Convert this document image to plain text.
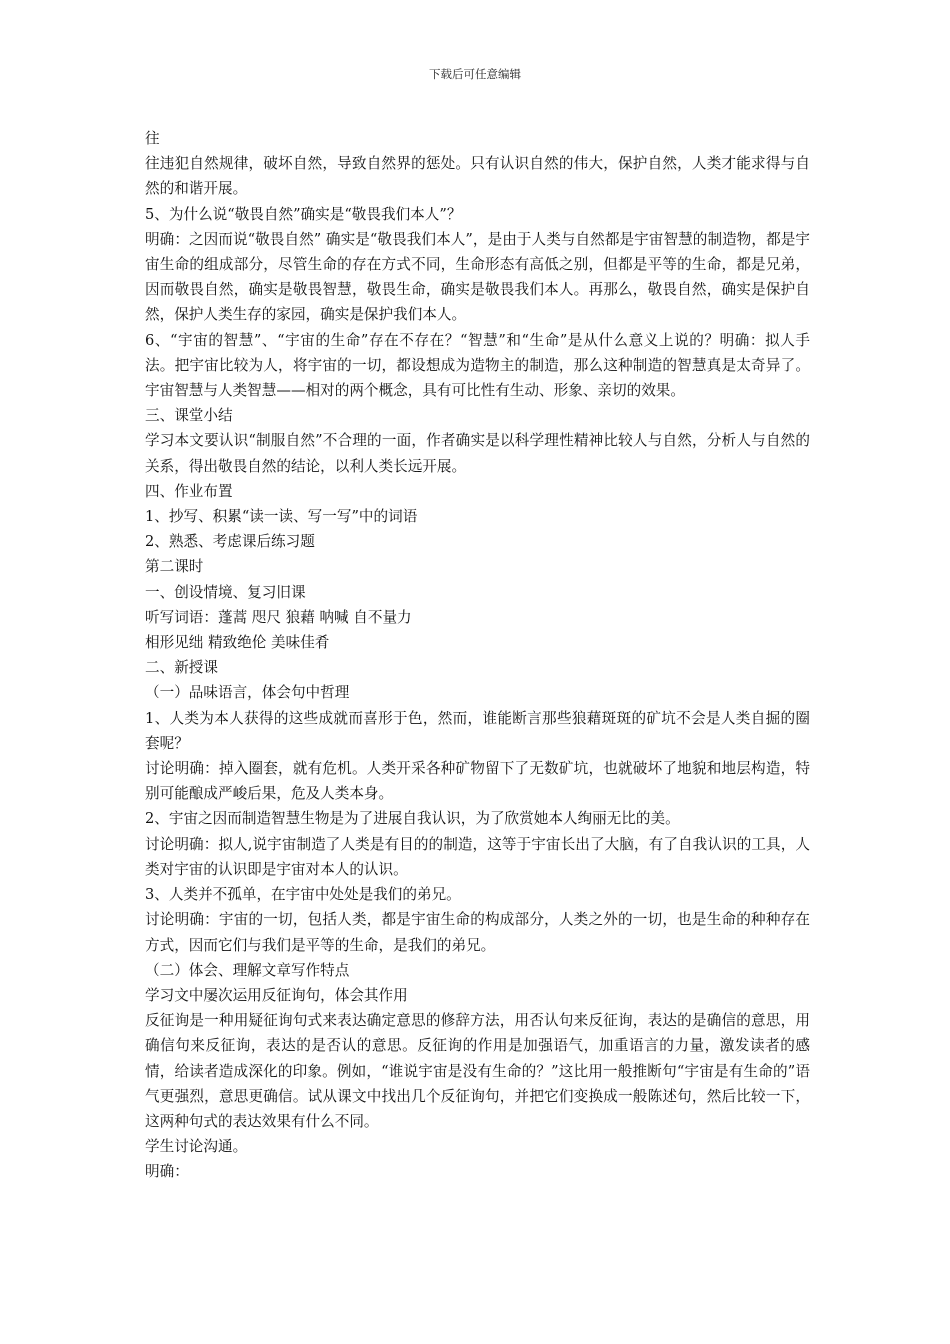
下载后可任意编辑

往

往违犯自然规律，破坏自然，导致自然界的惩处。只有认识自然的伟大，保护自然，人类才能求得与自然的和谐开展。

5、为什么说“敬畏自然”确实是“敬畏我们本人”？

明确：之因而说“敬畏自然” 确实是“敬畏我们本人”，是由于人类与自然都是宇宙智慧的制造物，都是宇宙生命的组成部分，尽管生命的存在方式不同，生命形态有高低之别，但都是平等的生命，都是兄弟，因而敬畏自然，确实是敬畏智慧，敬畏生命，确实是敬畏我们本人。再那么，敬畏自然，确实是保护自然，保护人类生存的家园，确实是保护我们本人。

6、“宇宙的智慧”、“宇宙的生命”存在不存在？“智慧”和“生命”是从什么意义上说的？明确：拟人手法。把宇宙比较为人，将宇宙的一切，都设想成为造物主的制造，那么这种制造的智慧真是太奇异了。宇宙智慧与人类智慧——相对的两个概念，具有可比性有生动、形象、亲切的效果。

三、课堂小结

学习本文要认识“制服自然”不合理的一面，作者确实是以科学理性精神比较人与自然，分析人与自然的关系，得出敬畏自然的结论，以利人类长远开展。

四、作业布置

1、抄写、积累“读一读、写一写”中的词语

2、熟悉、考虑课后练习题

第二课时

一、创设情境、复习旧课

听写词语：蓬蒿 咫尺 狼藉 呐喊 自不量力

相形见绌 精致绝伦 美味佳肴

二、新授课

（一）品味语言，体会句中哲理

1、人类为本人获得的这些成就而喜形于色，然而，谁能断言那些狼藉斑斑的矿坑不会是人类自掘的圈套呢？

讨论明确：掉入圈套，就有危机。人类开采各种矿物留下了无数矿坑，也就破坏了地貌和地层构造，特别可能酿成严峻后果，危及人类本身。

2、宇宙之因而制造智慧生物是为了进展自我认识，为了欣赏她本人绚丽无比的美。

讨论明确：拟人,说宇宙制造了人类是有目的的制造，这等于宇宙长出了大脑，有了自我认识的工具，人类对宇宙的认识即是宇宙对本人的认识。

3、人类并不孤单，在宇宙中处处是我们的弟兄。

讨论明确：宇宙的一切，包括人类，都是宇宙生命的构成部分，人类之外的一切，也是生命的种种存在方式，因而它们与我们是平等的生命，是我们的弟兄。

（二）体会、理解文章写作特点

学习文中屡次运用反征询句，体会其作用

反征询是一种用疑征询句式来表达确定意思的修辞方法，用否认句来反征询，表达的是确信的意思，用确信句来反征询，表达的是否认的意思。反征询的作用是加强语气，加重语言的力量，激发读者的感情，给读者造成深化的印象。例如，“谁说宇宙是没有生命的？”这比用一般推断句“宇宙是有生命的”语气更强烈，意思更确信。试从课文中找出几个反征询句，并把它们变换成一般陈述句，然后比较一下，这两种句式的表达效果有什么不同。

学生讨论沟通。

明确：
